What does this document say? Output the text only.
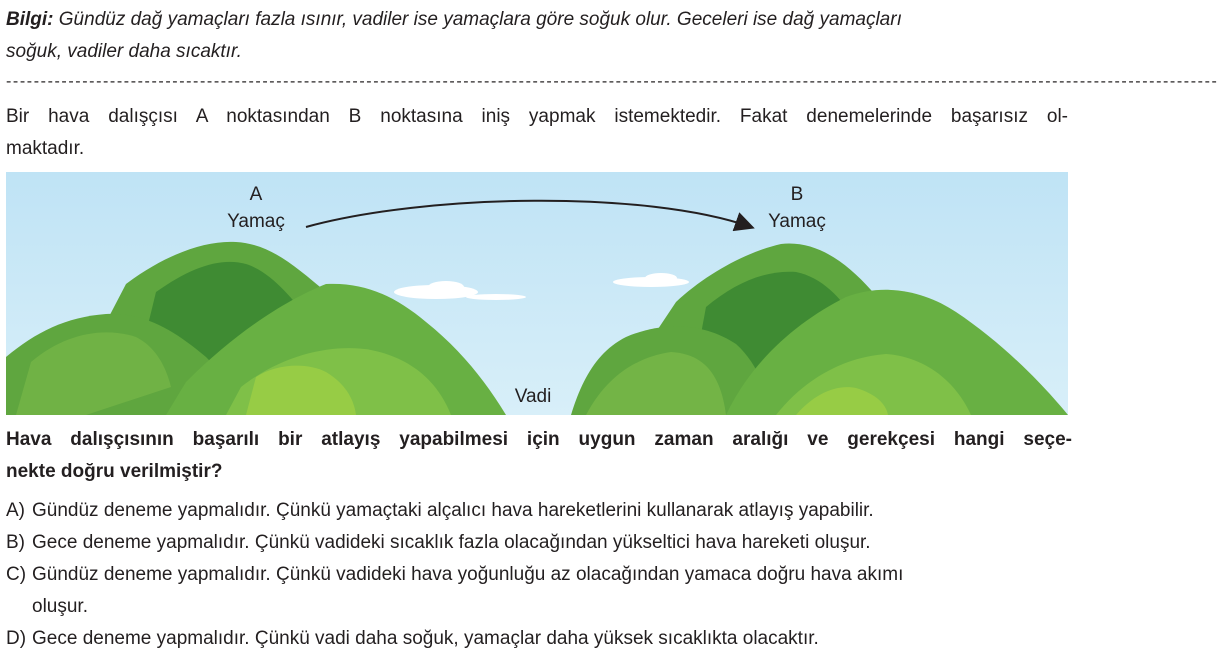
Bilgi: Gündüz dağ yamaçları fazla ısınır, vadiler ise yamaçlara göre soğuk olur. Geceleri ise dağ yamaçları
soğuk, vadiler daha sıcaktır.
-------------------------------------------------------------------------------------------------------------------------------------------------------------------------------
Bir hava dalışçısı A noktasından B noktasına iniş yapmak istemektedir. Fakat denemelerinde başarısız ol-
maktadır.
A
Yamaç
B
Yamaç
Vadi
Hava dalışçısının başarılı bir atlayış yapabilmesi için uygun zaman aralığı ve gerekçesi hangi seçe-
nekte doğru verilmiştir?
A) Gündüz deneme yapmalıdır. Çünkü yamaçtaki alçalıcı hava hareketlerini kullanarak atlayış yapabilir.
B) Gece deneme yapmalıdır. Çünkü vadideki sıcaklık fazla olacağından yükseltici hava hareketi oluşur.
C) Gündüz deneme yapmalıdır. Çünkü vadideki hava yoğunluğu az olacağından yamaca doğru hava akımı
oluşur.
D) Gece deneme yapmalıdır. Çünkü vadi daha soğuk, yamaçlar daha yüksek sıcaklıkta olacaktır.
